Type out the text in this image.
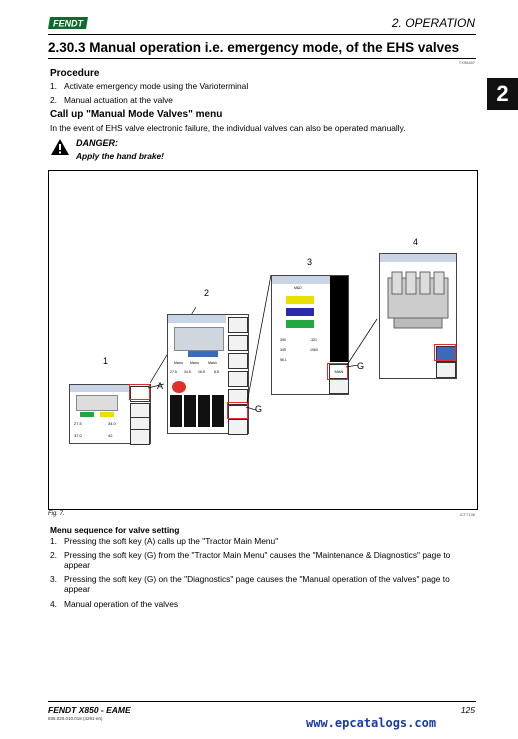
FENDT	2. OPERATION
2.30.3 Manual operation i.e. emergency mode, of the EHS valves
TX98487
2
Procedure
1. Activate emergency mode using the Varioterminal
2. Manual actuation at the valve
Call up "Manual Mode Valves" menu
In the event of EHS valve electronic failure, the individual valves can also be operated manually.
DANGER:
Apply the hand brake!
1
2
3
4
27.5	34.0
37.0	42
A
Manu Manu	Manu
27.5 34.5 16.5	8.8
G
M&D
390	-321
345	1960
56.1
MAN
G
Fig. 7.	ICT7136
Menu sequence for valve setting
1. Pressing the soft key (A) calls up the "Tractor Main Menu"
2. Pressing the soft key (G) from the "Tractor Main Menu" causes the "Maintenance & Diagnostics" page to
appear
3. Pressing the soft key (G) on the "Diagnostics" page causes the "Manual operation of the valves" page to
appear
4. Manual operation of the valves
FENDT X850 - EAME
836.020.010.018 (4291-en)
125
www.epcatalogs.com
